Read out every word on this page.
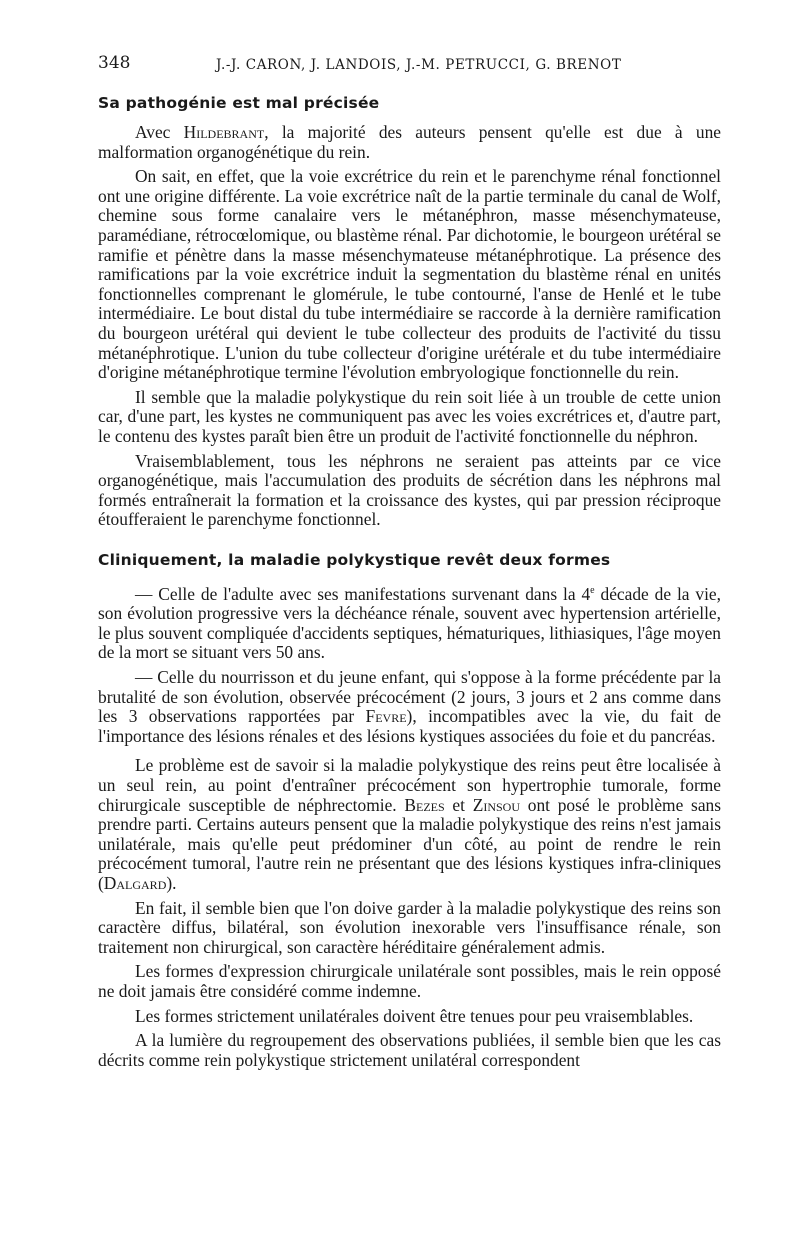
348	J.-J. CARON, J. LANDOIS, J.-M. PETRUCCI, G. BRENOT
Sa pathogénie est mal précisée

Avec Hildebrant, la majorité des auteurs pensent qu'elle est due à une malformation organogénétique du rein.

On sait, en effet, que la voie excrétrice du rein et le parenchyme rénal fonctionnel ont une origine différente. La voie excrétrice naît de la partie terminale du canal de Wolf, chemine sous forme canalaire vers le métanéphron, masse mésenchymateuse, paramédiane, rétrocœlomique, ou blastème rénal. Par dichotomie, le bourgeon urétéral se ramifie et pénètre dans la masse mésenchymateuse métanéphrotique. La présence des ramifications par la voie excrétrice induit la segmentation du blastème rénal en unités fonctionnelles comprenant le glomérule, le tube contourné, l'anse de Henlé et le tube intermédiaire. Le bout distal du tube intermédiaire se raccorde à la dernière ramification du bourgeon urétéral qui devient le tube collecteur des produits de l'activité du tissu métanéphrotique. L'union du tube collecteur d'origine urétérale et du tube intermédiaire d'origine métanéphrotique termine l'évolution embryologique fonctionnelle du rein.

Il semble que la maladie polykystique du rein soit liée à un trouble de cette union car, d'une part, les kystes ne communiquent pas avec les voies excrétrices et, d'autre part, le contenu des kystes paraît bien être un produit de l'activité fonctionnelle du néphron.

Vraisemblablement, tous les néphrons ne seraient pas atteints par ce vice organogénétique, mais l'accumulation des produits de sécrétion dans les néphrons mal formés entraînerait la formation et la croissance des kystes, qui par pression réciproque étoufferaient le parenchyme fonctionnel.

Cliniquement, la maladie polykystique revêt deux formes

— Celle de l'adulte avec ses manifestations survenant dans la 4e décade de la vie, son évolution progressive vers la déchéance rénale, souvent avec hypertension artérielle, le plus souvent compliquée d'accidents septiques, hématuriques, lithiasiques, l'âge moyen de la mort se situant vers 50 ans.

— Celle du nourrisson et du jeune enfant, qui s'oppose à la forme précédente par la brutalité de son évolution, observée précocément (2 jours, 3 jours et 2 ans comme dans les 3 observations rapportées par Fevre), incompatibles avec la vie, du fait de l'importance des lésions rénales et des lésions kystiques associées du foie et du pancréas.

Le problème est de savoir si la maladie polykystique des reins peut être localisée à un seul rein, au point d'entraîner précocément son hypertrophie tumorale, forme chirurgicale susceptible de néphrectomie. Bezes et Zinsou ont posé le problème sans prendre parti. Certains auteurs pensent que la maladie polykystique des reins n'est jamais unilatérale, mais qu'elle peut prédominer d'un côté, au point de rendre le rein précocément tumoral, l'autre rein ne présentant que des lésions kystiques infra-cliniques (Dalgard).

En fait, il semble bien que l'on doive garder à la maladie polykystique des reins son caractère diffus, bilatéral, son évolution inexorable vers l'insuffisance rénale, son traitement non chirurgical, son caractère héréditaire généralement admis.

Les formes d'expression chirurgicale unilatérale sont possibles, mais le rein opposé ne doit jamais être considéré comme indemne.

Les formes strictement unilatérales doivent être tenues pour peu vraisemblables.

A la lumière du regroupement des observations publiées, il semble bien que les cas décrits comme rein polykystique strictement unilatéral correspondent
